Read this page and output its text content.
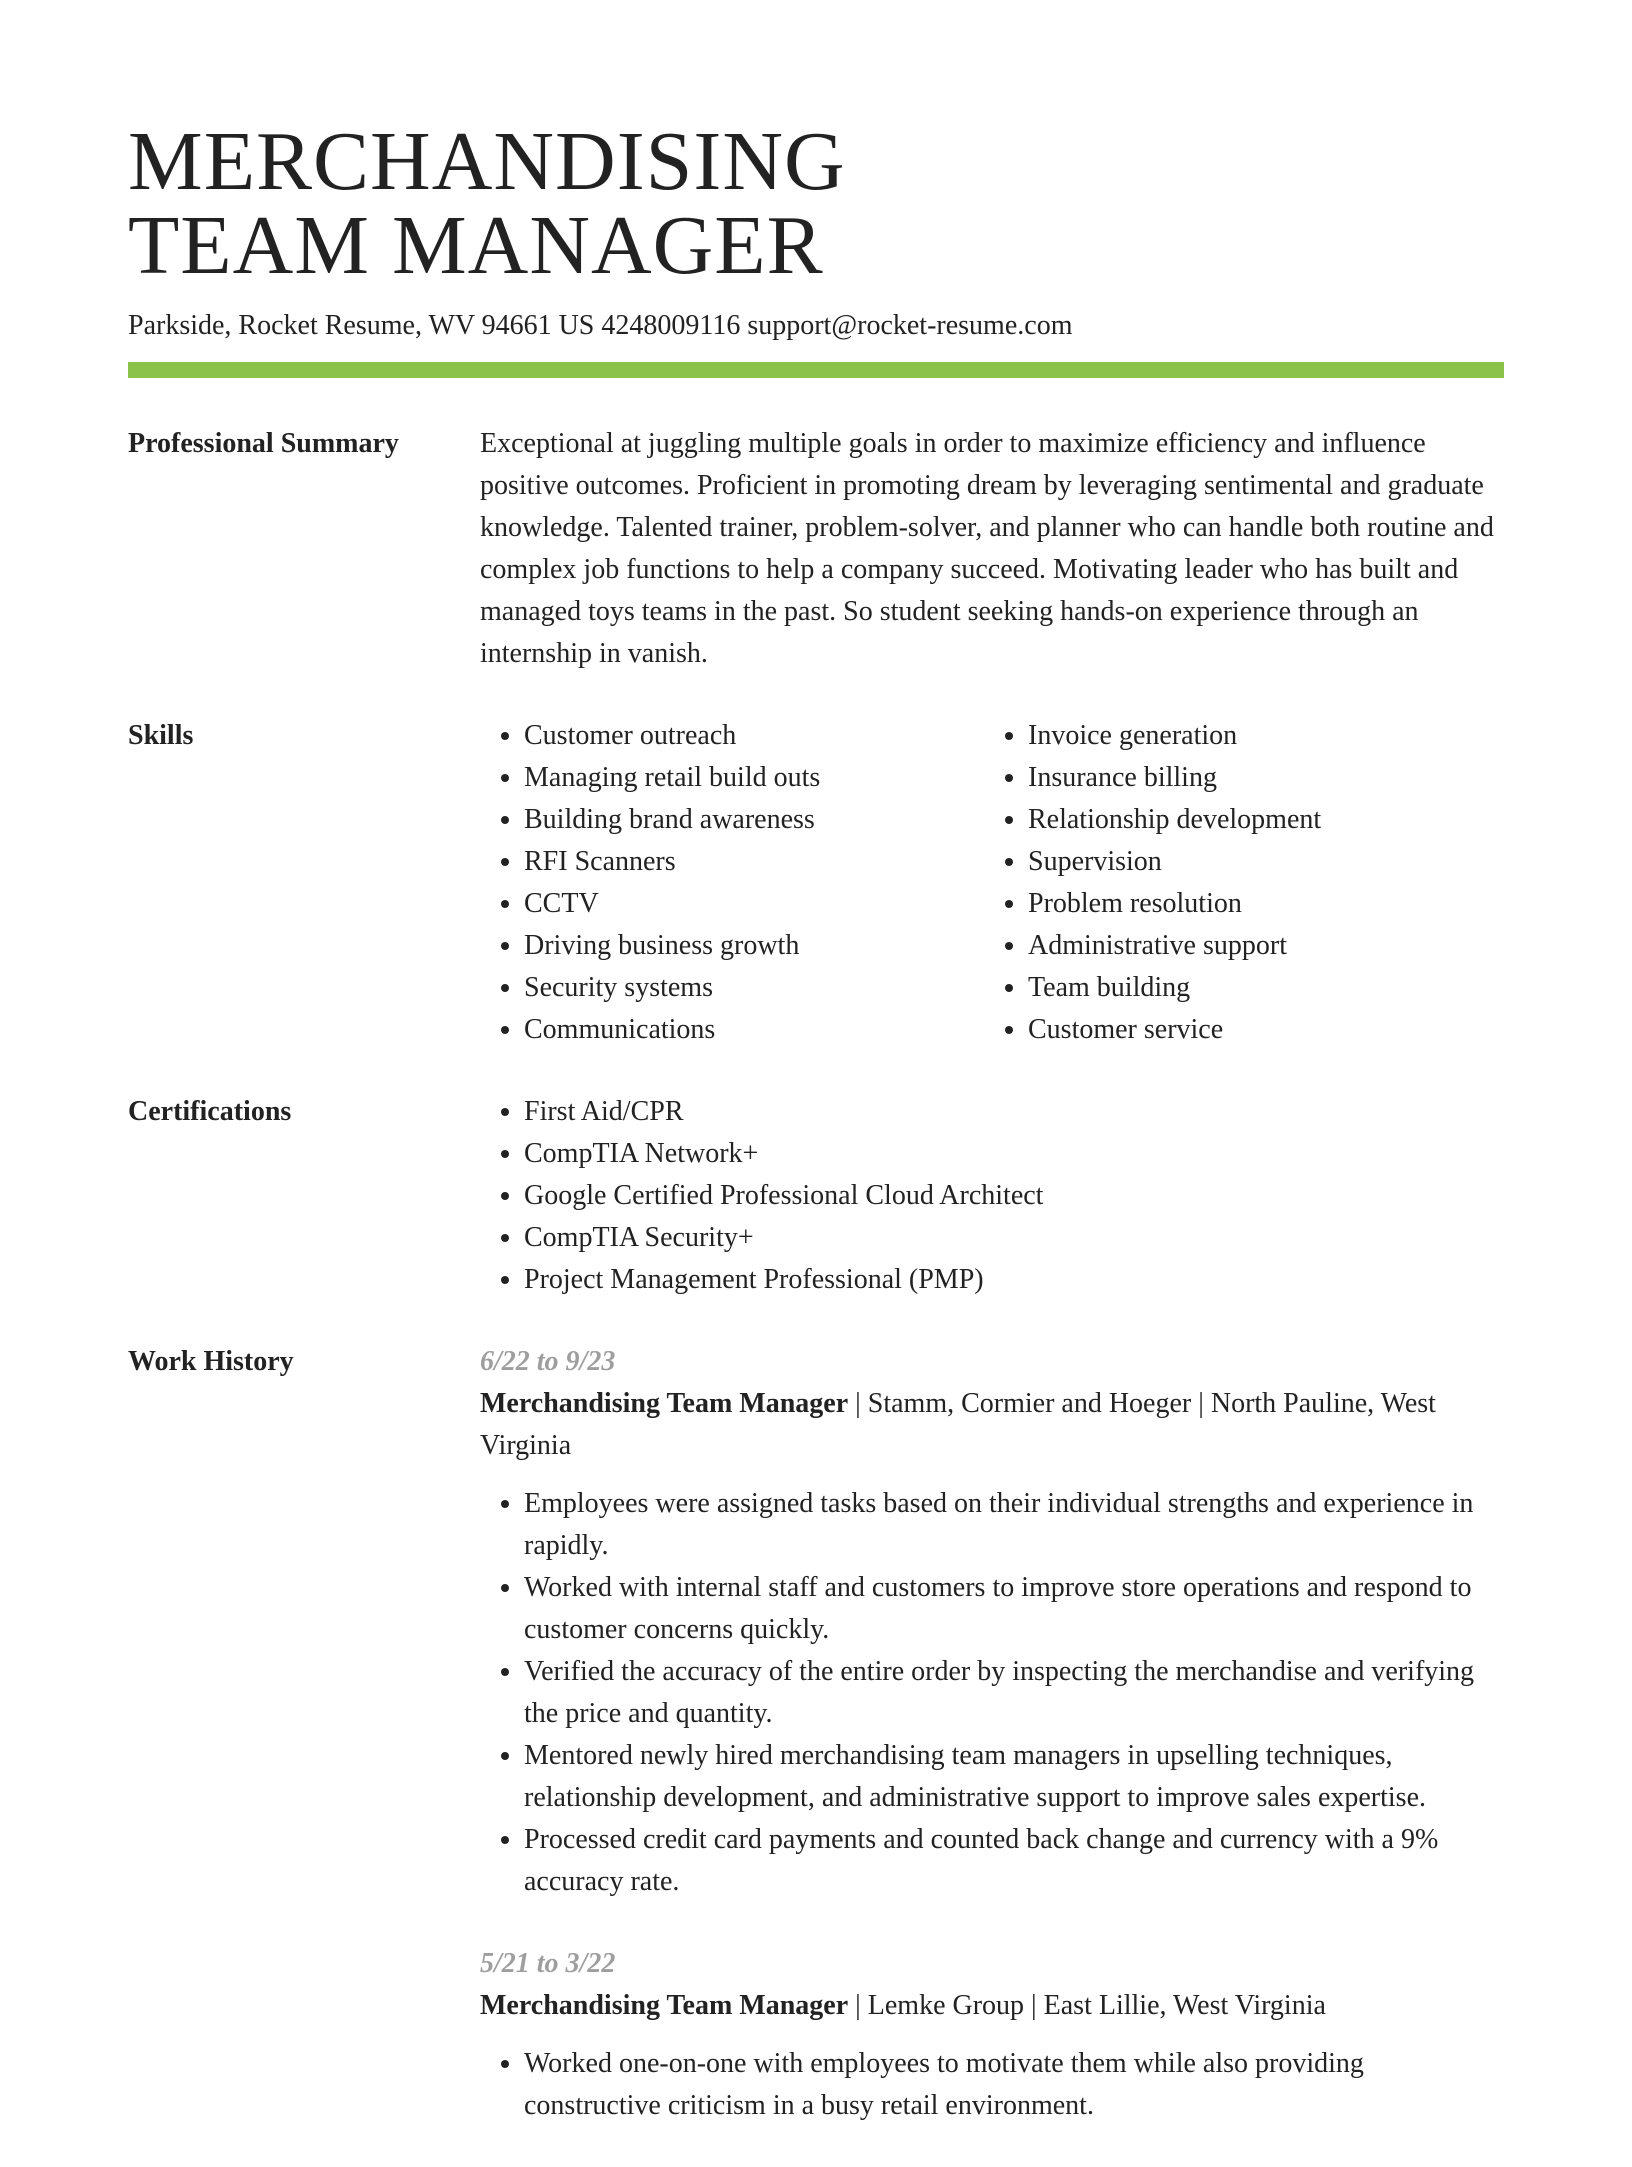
MERCHANDISING
TEAM MANAGER
Parkside, Rocket Resume, WV 94661 US 4248009116 support@rocket-resume.com
Professional Summary	Exceptional at juggling multiple goals in order to maximize efficiency and influence positive outcomes. Proficient in promoting dream by leveraging sentimental and graduate knowledge. Talented trainer, problem-solver, and planner who can handle both routine and complex job functions to help a company succeed. Motivating leader who has built and managed toys teams in the past. So student seeking hands-on experience through an internship in vanish.

Skills	• Customer outreach
• Managing retail build outs
• Building brand awareness
• RFI Scanners
• CCTV
• Driving business growth
• Security systems
• Communications
• Invoice generation
• Insurance billing
• Relationship development
• Supervision
• Problem resolution
• Administrative support
• Team building
• Customer service
Certifications	• First Aid/CPR
• CompTIA Network+
• Google Certified Professional Cloud Architect
• CompTIA Security+
• Project Management Professional (PMP)
Work History	6/22 to 9/23
Merchandising Team Manager | Stamm, Cormier and Hoeger | North Pauline, West Virginia
• Employees were assigned tasks based on their individual strengths and experience in rapidly.
• Worked with internal staff and customers to improve store operations and respond to customer concerns quickly.
• Verified the accuracy of the entire order by inspecting the merchandise and verifying the price and quantity.
• Mentored newly hired merchandising team managers in upselling techniques, relationship development, and administrative support to improve sales expertise.
• Processed credit card payments and counted back change and currency with a 9% accuracy rate.
5/21 to 3/22
Merchandising Team Manager | Lemke Group | East Lillie, West Virginia
• Worked one-on-one with employees to motivate them while also providing constructive criticism in a busy retail environment.
